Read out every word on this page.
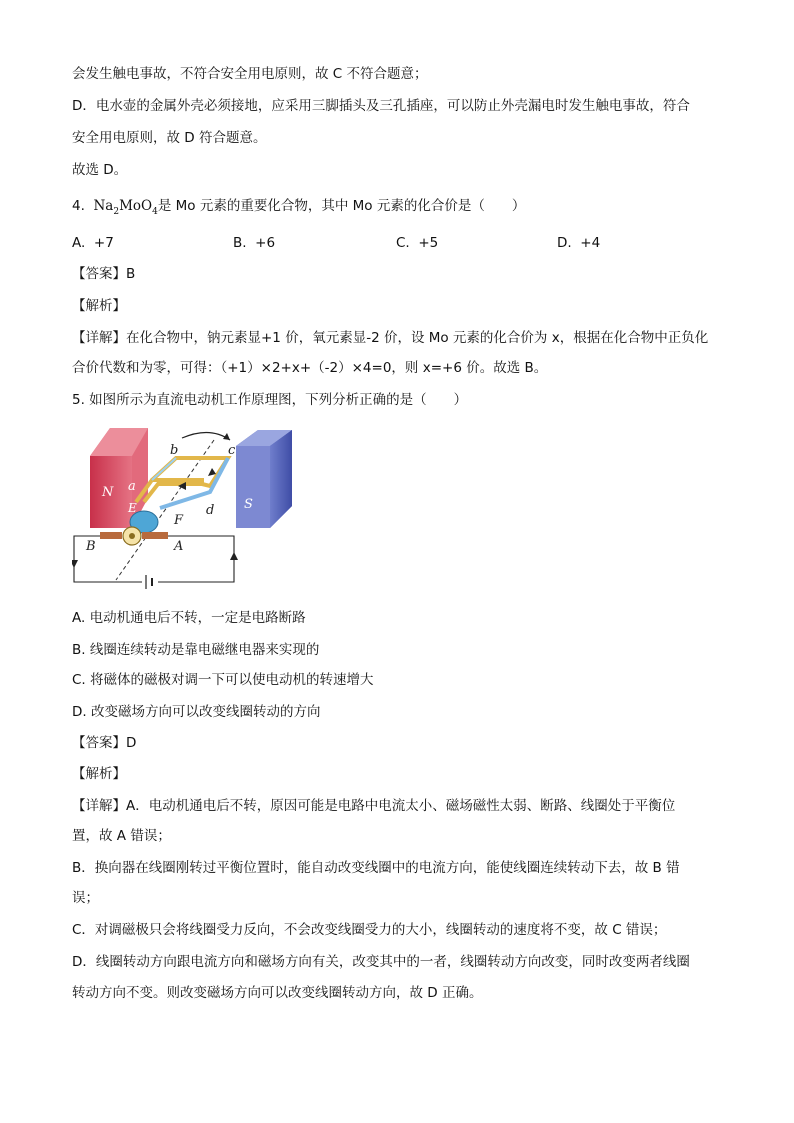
会发生触电事故，不符合安全用电原则，故 C 不符合题意；
D．电水壶的金属外壳必须接地，应采用三脚插头及三孔插座，可以防止外壳漏电时发生触电事故，符合
安全用电原则，故 D 符合题意。
故选 D。
4. $Na_2MoO_4$是 Mo 元素的重要化合物，其中 Mo 元素的化合价是（　　）
A. +7	B. +6	C. +5	D. +4
【答案】B
【解析】
【详解】在化合物中，钠元素显+1 价，氧元素显-2 价，设 Mo 元素的化合价为 x，根据在化合物中正负化
合价代数和为零，可得：（+1）×2+x+（-2）×4=0，则 x=+6 价。故选 B。
5. 如图所示为直流电动机工作原理图，下列分析正确的是（　　）
N
S
a
b	c
d
E
F
A
B
A. 电动机通电后不转，一定是电路断路
B. 线圈连续转动是靠电磁继电器来实现的
C. 将磁体的磁极对调一下可以使电动机的转速增大
D. 改变磁场方向可以改变线圈转动的方向
【答案】D
【解析】
【详解】A．电动机通电后不转，原因可能是电路中电流太小、磁场磁性太弱、断路、线圈处于平衡位
置，故 A 错误；
B．换向器在线圈刚转过平衡位置时，能自动改变线圈中的电流方向，能使线圈连续转动下去，故 B 错
误；
C．对调磁极只会将线圈受力反向，不会改变线圈受力的大小，线圈转动的速度将不变，故 C 错误；
D．线圈转动方向跟电流方向和磁场方向有关，改变其中的一者，线圈转动方向改变，同时改变两者线圈
转动方向不变。则改变磁场方向可以改变线圈转动方向，故 D 正确。
